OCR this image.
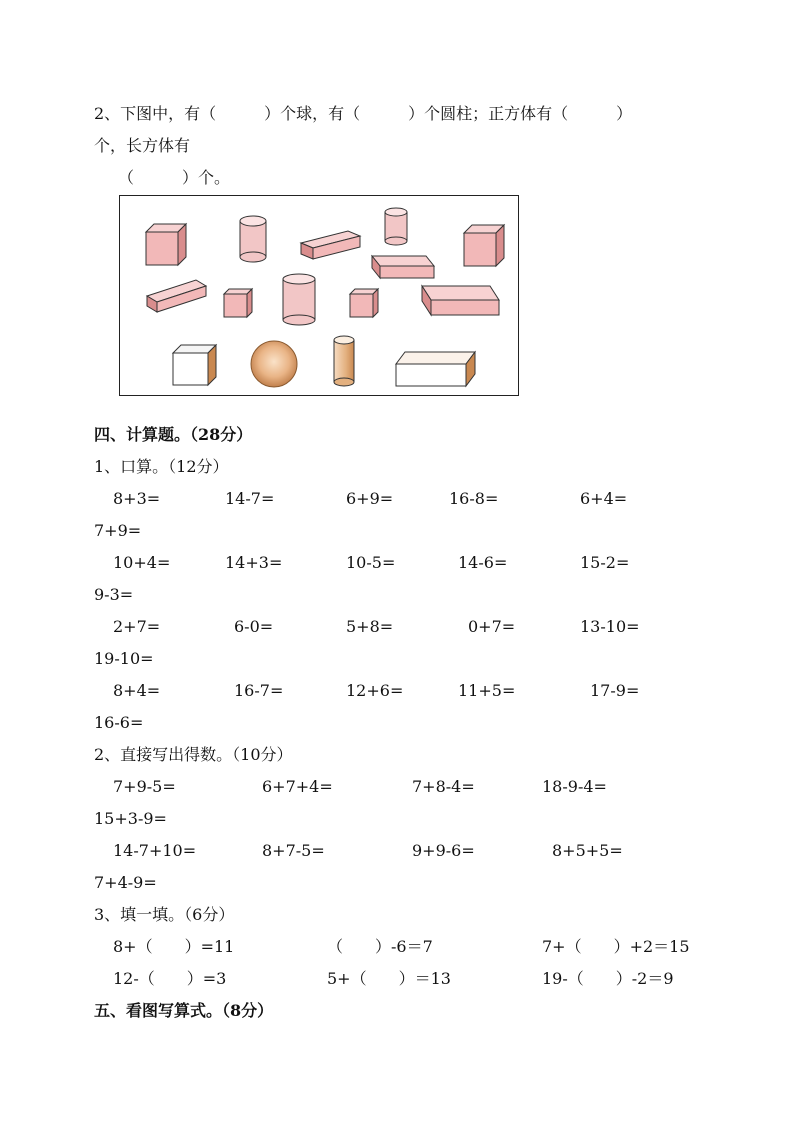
2、下图中，有（　　　）个球，有（　　　）个圆柱；正方体有（　　　）
个，长方体有
（　　　）个。
四、计算题。（28分）
1、口算。（12分）
8+3=	14-7=	6+9=	16-8=	6+4=
7+9=
10+4=	14+3=	10-5=	14-6=	15-2=
9-3=
2+7=	6-0=	5+8=	0+7=	13-10=
19-10=
8+4=	16-7=	12+6=	11+5=	17-9=
16-6=
2、直接写出得数。（10分）
7+9-5=	6+7+4=	7+8-4=	18-9-4=
15+3-9=
14-7+10=	8+7-5=	9+9-6=	8+5+5=
7+4-9=
3、填一填。（6分）
8+（　　）=11	（　　）-6＝7	7+（　　）+2＝15
12-（　　）=3	5+（　　）＝13	19-（　　）-2＝9
五、看图写算式。（8分）
